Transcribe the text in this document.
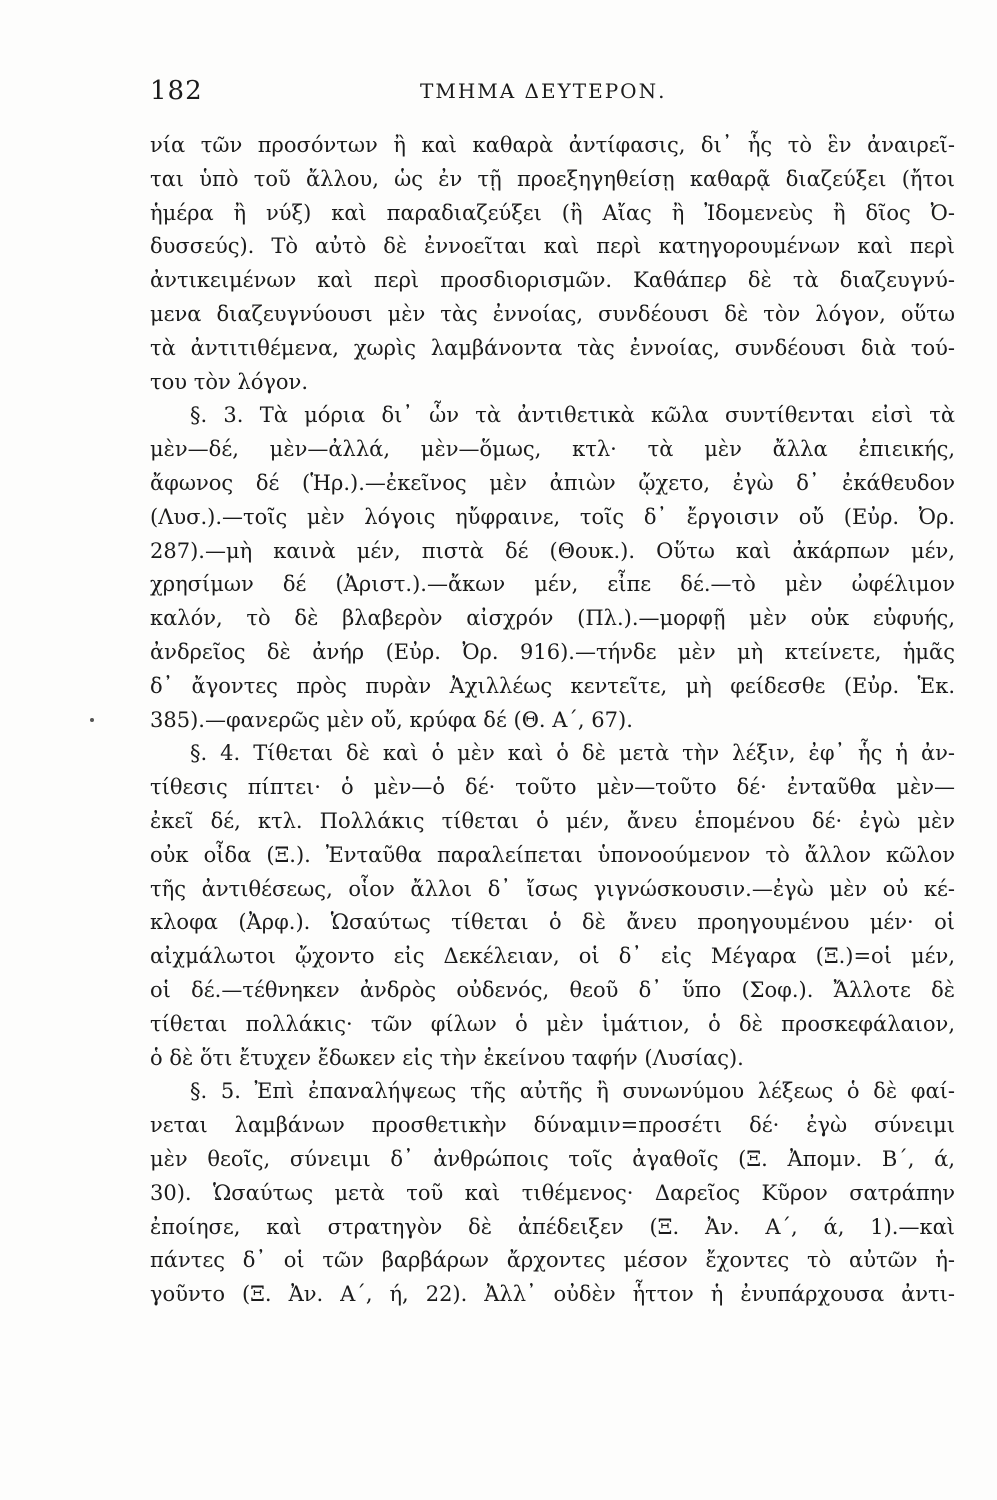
182	ΤΜΗΜΑ ΔΕΥΤΕΡΟΝ.
νία τῶν προσόντων ἢ καὶ καθαρὰ ἀντίφασις, δι᾽ ἧς τὸ ἓν ἀναιρεῖ-
ται ὑπὸ τοῦ ἄλλου, ὡς ἐν τῇ προεξηγηθείσῃ καθαρᾷ διαζεύξει (ἤτοι
ἡμέρα ἢ νύξ) καὶ παραδιαζεύξει (ἢ Αἴας ἢ Ἰδομενεὺς ἢ δῖος Ὀ-
δυσσεύς). Τὸ αὐτὸ δὲ ἐννοεῖται καὶ περὶ κατηγορουμένων καὶ περὶ
ἀντικειμένων καὶ περὶ προσδιορισμῶν. Καθάπερ δὲ τὰ διαζευγνύ-
μενα διαζευγνύουσι μὲν τὰς ἐννοίας, συνδέουσι δὲ τὸν λόγον, οὕτω
τὰ ἀντιτιθέμενα, χωρὶς λαμβάνοντα τὰς ἐννοίας, συνδέουσι διὰ τού-
του τὸν λόγον.
§. 3. Τὰ μόρια δι᾽ ὧν τὰ ἀντιθετικὰ κῶλα συντίθενται εἰσὶ τὰ
μὲν—δέ, μὲν—ἀλλά, μὲν—ὅμως, κτλ· τὰ μὲν ἄλλα ἐπιεικής,
ἄφωνος δέ (Ἡρ.).—ἐκεῖνος μὲν ἀπιὼν ᾤχετο, ἐγὼ δ᾽ ἐκάθευδον
(Λυσ.).—τοῖς μὲν λόγοις ηὔφραινε, τοῖς δ᾽ ἔργοισιν οὔ (Εὐρ. Ὀρ.
287).—μὴ καινὰ μέν, πιστὰ δέ (Θουκ.). Οὕτω καὶ ἀκάρπων μέν,
χρησίμων δέ (Ἀριστ.).—ἄκων μέν, εἶπε δέ.—τὸ μὲν ὠφέλιμον
καλόν, τὸ δὲ βλαβερὸν αἰσχρόν (Πλ.).—μορφῇ μὲν οὐκ εὐφυής,
ἀνδρεῖος δὲ ἀνήρ (Εὐρ. Ὀρ. 916).—τήνδε μὲν μὴ κτείνετε, ἡμᾶς
δ᾽ ἄγοντες πρὸς πυρὰν Ἀχιλλέως κεντεῖτε, μὴ φείδεσθε (Εὐρ. Ἑκ.
385).—φανερῶς μὲν οὔ, κρύφα δέ (Θ. Α΄, 67).
§. 4. Τίθεται δὲ καὶ ὁ μὲν καὶ ὁ δὲ μετὰ τὴν λέξιν, ἐφ᾽ ἧς ἡ ἀν-
τίθεσις πίπτει· ὁ μὲν—ὁ δέ· τοῦτο μὲν—τοῦτο δέ· ἐνταῦθα μὲν—
ἐκεῖ δέ, κτλ. Πολλάκις τίθεται ὁ μέν, ἄνευ ἑπομένου δέ· ἐγὼ μὲν
οὐκ οἶδα (Ξ.). Ἐνταῦθα παραλείπεται ὑπονοούμενον τὸ ἄλλον κῶλον
τῆς ἀντιθέσεως, οἷον ἄλλοι δ᾽ ἴσως γιγνώσκουσιν.—ἐγὼ μὲν οὐ κέ-
κλοφα (Ἀρφ.). Ὡσαύτως τίθεται ὁ δὲ ἄνευ προηγουμένου μέν· οἱ
αἰχμάλωτοι ᾤχοντο εἰς Δεκέλειαν, οἱ δ᾽ εἰς Μέγαρα (Ξ.)=οἱ μέν,
οἱ δέ.—τέθνηκεν ἀνδρὸς οὐδενός, θεοῦ δ᾽ ὕπο (Σοφ.). Ἄλλοτε δὲ
τίθεται πολλάκις· τῶν φίλων ὁ μὲν ἱμάτιον, ὁ δὲ προσκεφάλαιον,
ὁ δὲ ὅτι ἔτυχεν ἔδωκεν εἰς τὴν ἐκείνου ταφήν (Λυσίας).
§. 5. Ἐπὶ ἐπαναλήψεως τῆς αὐτῆς ἢ συνωνύμου λέξεως ὁ δὲ φαί-
νεται λαμβάνων προσθετικὴν δύναμιν=προσέτι δέ· ἐγὼ σύνειμι
μὲν θεοῖς, σύνειμι δ᾽ ἀνθρώποις τοῖς ἀγαθοῖς (Ξ. Ἀπομν. Β΄, ά,
30). Ὡσαύτως μετὰ τοῦ καὶ τιθέμενος· Δαρεῖος Κῦρον σατράπην
ἐποίησε, καὶ στρατηγὸν δὲ ἀπέδειξεν (Ξ. Ἀν. Α΄, ά, 1).—καὶ
πάντες δ᾽ οἱ τῶν βαρβάρων ἄρχοντες μέσον ἔχοντες τὸ αὐτῶν ἡ-
γοῦντο (Ξ. Ἀν. Α΄, ή, 22). Ἀλλ᾽ οὐδὲν ἧττον ἡ ἐνυπάρχουσα ἀντι-
